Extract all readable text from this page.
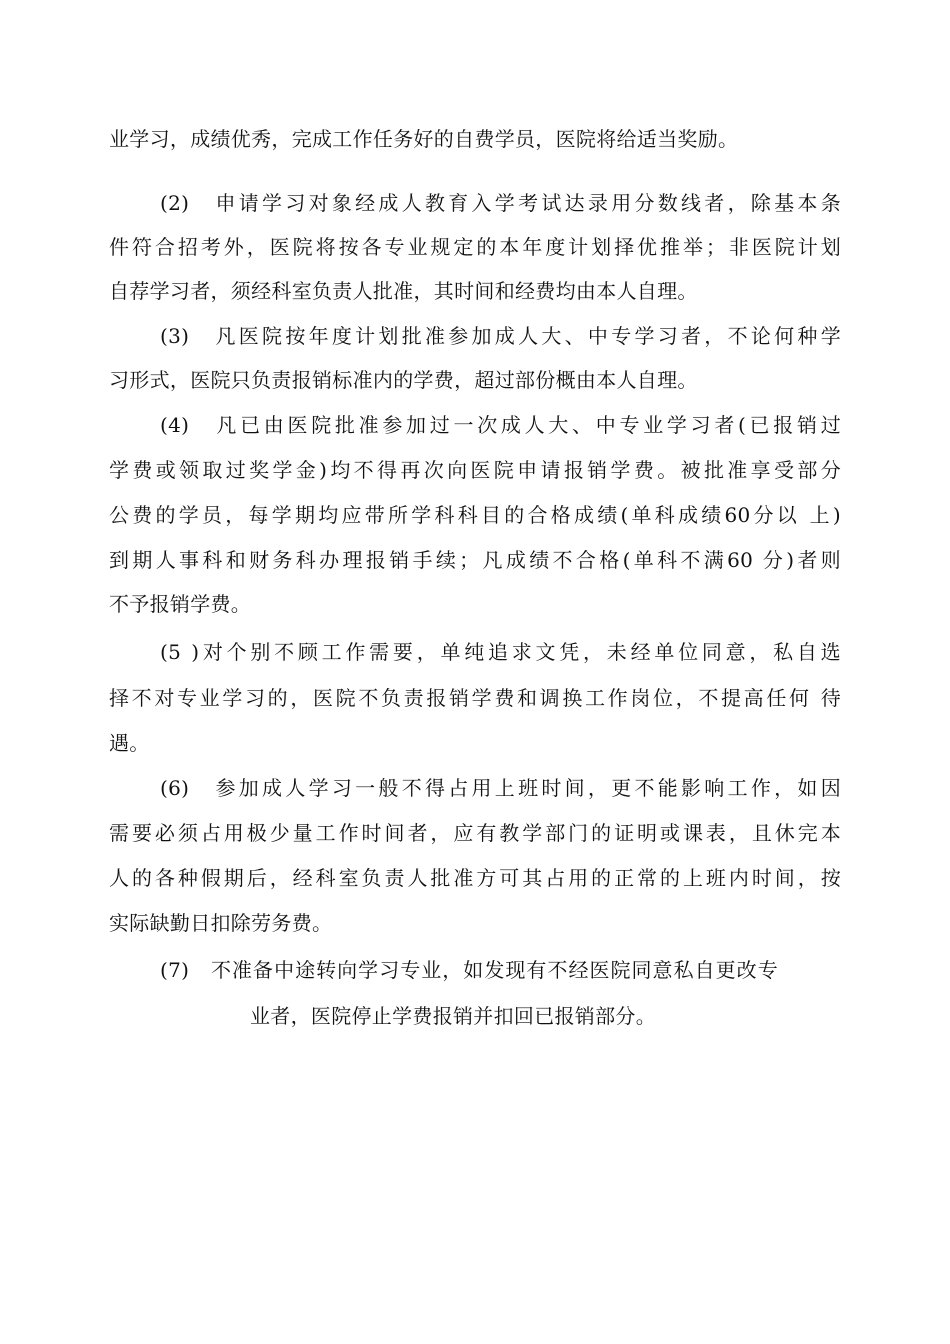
业学习，成绩优秀，完成工作任务好的自费学员，医院将给适当奖励。
(2)　申请学习对象经成人教育入学考试达录用分数线者，除基本条
件符合招考外，医院将按各专业规定的本年度计划择优推举；非医院计划
自荐学习者，须经科室负责人批准，其时间和经费均由本人自理。
(3)　凡医院按年度计划批准参加成人大、中专学习者，不论何种学
习形式，医院只负责报销标准内的学费，超过部份概由本人自理。
(4)　凡已由医院批准参加过一次成人大、中专业学习者(已报销过
学费或领取过奖学金)均不得再次向医院申请报销学费。被批准享受部分
公费的学员，每学期均应带所学科科目的合格成绩(单科成绩60分以 上)
到期人事科和财务科办理报销手续；凡成绩不合格(单科不满60 分)者则
不予报销学费。
(5 )对个别不顾工作需要，单纯追求文凭，未经单位同意，私自选
择不对专业学习的，医院不负责报销学费和调换工作岗位，不提高任何 待
遇。
(6)　参加成人学习一般不得占用上班时间，更不能影响工作，如因
需要必须占用极少量工作时间者，应有教学部门的证明或课表，且休完本
人的各种假期后，经科室负责人批准方可其占用的正常的上班内时间，按
实际缺勤日扣除劳务费。
(7)　不准备中途转向学习专业，如发现有不经医院同意私自更改专
业者，医院停止学费报销并扣回已报销部分。
